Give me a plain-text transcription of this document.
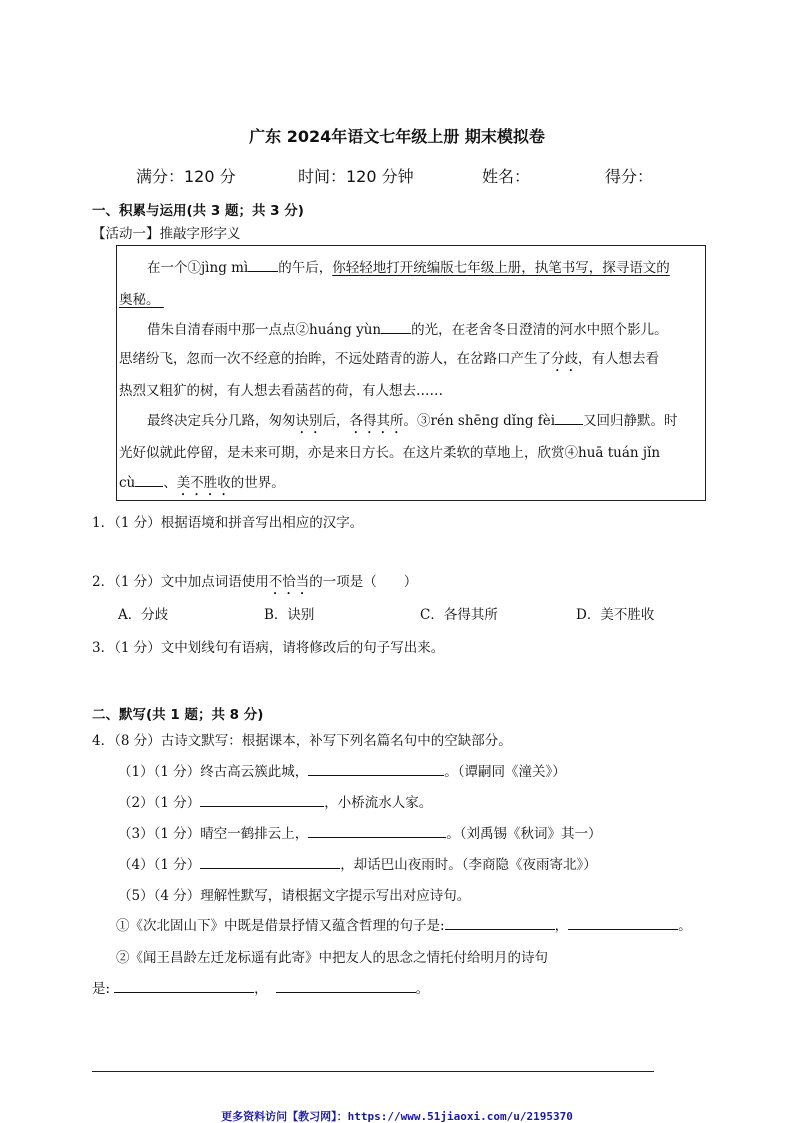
广东 2024年语文七年级上册 期末模拟卷
满分：120 分	时间：120 分钟	姓名：	得分：
一、积累与运用(共 3 题；共 3 分)
【活动一】推敲字形字义
在一个①jìng mì 的午后，你轻轻地打开统编版七年级上册，执笔书写，探寻语文的
奥秘。
借朱自清春雨中那一点点②huáng yùn 的光，在老舍冬日澄清的河水中照个影儿。
思绪纷飞，忽而一次不经意的抬眸，不远处踏青的游人，在岔路口产生了分歧，有人想去看
热烈又粗犷的树，有人想去看菡萏的荷，有人想去……
最终决定兵分几路，匆匆诀别后，各得其所。③rén shēng dǐng fèi 又回归静默。时
光好似就此停留，是未来可期，亦是来日方长。在这片柔软的草地上，欣赏④huā tuán jǐn
cù 、美不胜收的世界。
1．（1 分）根据语境和拼音写出相应的汉字。
2．（1 分）文中加点词语使用不恰当的一项是（　　）
A．分歧	B．诀别	C．各得其所	D．美不胜收
3．（1 分）文中划线句有语病，请将修改后的句子写出来。
二、默写(共 1 题；共 8 分)
4．（8 分）古诗文默写：根据课本，补写下列名篇名句中的空缺部分。
（1）（1 分）终古高云簇此城，	。（谭嗣同《潼关》）
（2）（1 分）	，小桥流水人家。
（3）（1 分）晴空一鹤排云上，	。（刘禹锡《秋词》其一）
（4）（1 分）	，却话巴山夜雨时。（李商隐《夜雨寄北》）
（5）（4 分）理解性默写，请根据文字提示写出对应诗句。
①《次北固山下》中既是借景抒情又蕴含哲理的句子是:	，	。
②《闻王昌龄左迁龙标遥有此寄》中把友人的思念之情托付给明月的诗句
是:	，	。
更多资料访问【教习网】：https://www.51jiaoxi.com/u/2195370
